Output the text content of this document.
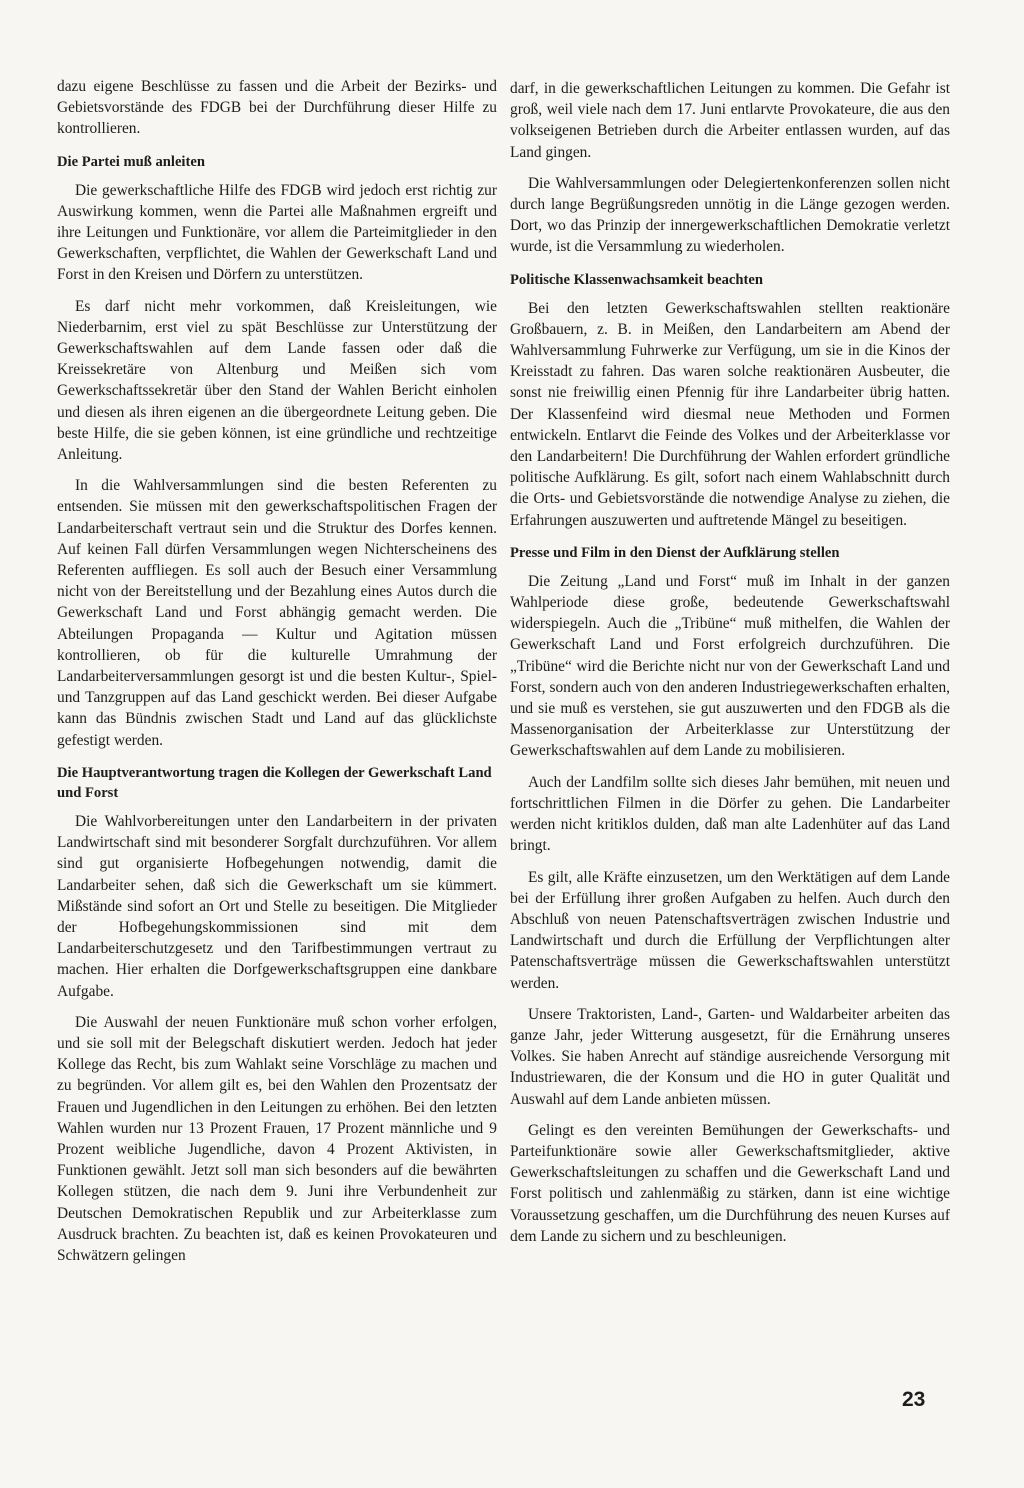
dazu eigene Beschlüsse zu fassen und die Arbeit der Bezirks- und Gebietsvorstände des FDGB bei der Durchführung dieser Hilfe zu kontrollieren.

Die Partei muß anleiten

Die gewerkschaftliche Hilfe des FDGB wird jedoch erst richtig zur Auswirkung kommen, wenn die Partei alle Maßnahmen ergreift und ihre Leitungen und Funktionäre, vor allem die Parteimitglieder in den Gewerkschaften, verpflichtet, die Wahlen der Gewerkschaft Land und Forst in den Kreisen und Dörfern zu unterstützen.

Es darf nicht mehr vorkommen, daß Kreisleitungen, wie Niederbarnim, erst viel zu spät Beschlüsse zur Unterstützung der Gewerkschaftswahlen auf dem Lande fassen oder daß die Kreissekretäre von Altenburg und Meißen sich vom Gewerkschaftssekretär über den Stand der Wahlen Bericht einholen und diesen als ihren eigenen an die übergeordnete Leitung geben. Die beste Hilfe, die sie geben können, ist eine gründliche und rechtzeitige Anleitung.

In die Wahlversammlungen sind die besten Referenten zu entsenden. Sie müssen mit den gewerkschaftspolitischen Fragen der Landarbeiterschaft vertraut sein und die Struktur des Dorfes kennen. Auf keinen Fall dürfen Versammlungen wegen Nichterscheinens des Referenten auffliegen. Es soll auch der Besuch einer Versammlung nicht von der Bereitstellung und der Bezahlung eines Autos durch die Gewerkschaft Land und Forst abhängig gemacht werden. Die Abteilungen Propaganda — Kultur und Agitation müssen kontrollieren, ob für die kulturelle Umrahmung der Landarbeiterversammlungen gesorgt ist und die besten Kultur-, Spiel- und Tanzgruppen auf das Land geschickt werden. Bei dieser Aufgabe kann das Bündnis zwischen Stadt und Land auf das glücklichste gefestigt werden.

Die Hauptverantwortung tragen die Kollegen der Gewerkschaft Land und Forst

Die Wahlvorbereitungen unter den Landarbeitern in der privaten Landwirtschaft sind mit besonderer Sorgfalt durchzuführen. Vor allem sind gut organisierte Hofbegehungen notwendig, damit die Landarbeiter sehen, daß sich die Gewerkschaft um sie kümmert. Mißstände sind sofort an Ort und Stelle zu beseitigen. Die Mitglieder der Hofbegehungskommissionen sind mit dem Landarbeiterschutzgesetz und den Tarifbestimmungen vertraut zu machen. Hier erhalten die Dorfgewerkschaftsgruppen eine dankbare Aufgabe.

Die Auswahl der neuen Funktionäre muß schon vorher erfolgen, und sie soll mit der Belegschaft diskutiert werden. Jedoch hat jeder Kollege das Recht, bis zum Wahlakt seine Vorschläge zu machen und zu begründen. Vor allem gilt es, bei den Wahlen den Prozentsatz der Frauen und Jugendlichen in den Leitungen zu erhöhen. Bei den letzten Wahlen wurden nur 13 Prozent Frauen, 17 Prozent männliche und 9 Prozent weibliche Jugendliche, davon 4 Prozent Aktivisten, in Funktionen gewählt. Jetzt soll man sich besonders auf die bewährten Kollegen stützen, die nach dem 9. Juni ihre Verbundenheit zur Deutschen Demokratischen Republik und zur Arbeiterklasse zum Ausdruck brachten. Zu beachten ist, daß es keinen Provokateuren und Schwätzern gelingen

darf, in die gewerkschaftlichen Leitungen zu kommen. Die Gefahr ist groß, weil viele nach dem 17. Juni entlarvte Provokateure, die aus den volkseigenen Betrieben durch die Arbeiter entlassen wurden, auf das Land gingen.

Die Wahlversammlungen oder Delegiertenkonferenzen sollen nicht durch lange Begrüßungsreden unnötig in die Länge gezogen werden. Dort, wo das Prinzip der innergewerkschaftlichen Demokratie verletzt wurde, ist die Versammlung zu wiederholen.

Politische Klassenwachsamkeit beachten

Bei den letzten Gewerkschaftswahlen stellten reaktionäre Großbauern, z. B. in Meißen, den Landarbeitern am Abend der Wahlversammlung Fuhrwerke zur Verfügung, um sie in die Kinos der Kreisstadt zu fahren. Das waren solche reaktionären Ausbeuter, die sonst nie freiwillig einen Pfennig für ihre Landarbeiter übrig hatten. Der Klassenfeind wird diesmal neue Methoden und Formen entwickeln. Entlarvt die Feinde des Volkes und der Arbeiterklasse vor den Landarbeitern! Die Durchführung der Wahlen erfordert gründliche politische Aufklärung. Es gilt, sofort nach einem Wahlabschnitt durch die Orts- und Gebietsvorstände die notwendige Analyse zu ziehen, die Erfahrungen auszuwerten und auftretende Mängel zu beseitigen.

Presse und Film in den Dienst der Aufklärung stellen

Die Zeitung „Land und Forst“ muß im Inhalt in der ganzen Wahlperiode diese große, bedeutende Gewerkschaftswahl widerspiegeln. Auch die „Tribüne“ muß mithelfen, die Wahlen der Gewerkschaft Land und Forst erfolgreich durchzuführen. Die „Tribüne“ wird die Berichte nicht nur von der Gewerkschaft Land und Forst, sondern auch von den anderen Industriegewerkschaften erhalten, und sie muß es verstehen, sie gut auszuwerten und den FDGB als die Massenorganisation der Arbeiterklasse zur Unterstützung der Gewerkschaftswahlen auf dem Lande zu mobilisieren.

Auch der Landfilm sollte sich dieses Jahr bemühen, mit neuen und fortschrittlichen Filmen in die Dörfer zu gehen. Die Landarbeiter werden nicht kritiklos dulden, daß man alte Ladenhüter auf das Land bringt.

Es gilt, alle Kräfte einzusetzen, um den Werktätigen auf dem Lande bei der Erfüllung ihrer großen Aufgaben zu helfen. Auch durch den Abschluß von neuen Patenschaftsverträgen zwischen Industrie und Landwirtschaft und durch die Erfüllung der Verpflichtungen alter Patenschaftsverträge müssen die Gewerkschaftswahlen unterstützt werden.

Unsere Traktoristen, Land-, Garten- und Waldarbeiter arbeiten das ganze Jahr, jeder Witterung ausgesetzt, für die Ernährung unseres Volkes. Sie haben Anrecht auf ständige ausreichende Versorgung mit Industriewaren, die der Konsum und die HO in guter Qualität und Auswahl auf dem Lande anbieten müssen.

Gelingt es den vereinten Bemühungen der Gewerkschafts- und Parteifunktionäre sowie aller Gewerkschaftsmitglieder, aktive Gewerkschaftsleitungen zu schaffen und die Gewerkschaft Land und Forst politisch und zahlenmäßig zu stärken, dann ist eine wichtige Voraussetzung geschaffen, um die Durchführung des neuen Kurses auf dem Lande zu sichern und zu beschleunigen.

23
